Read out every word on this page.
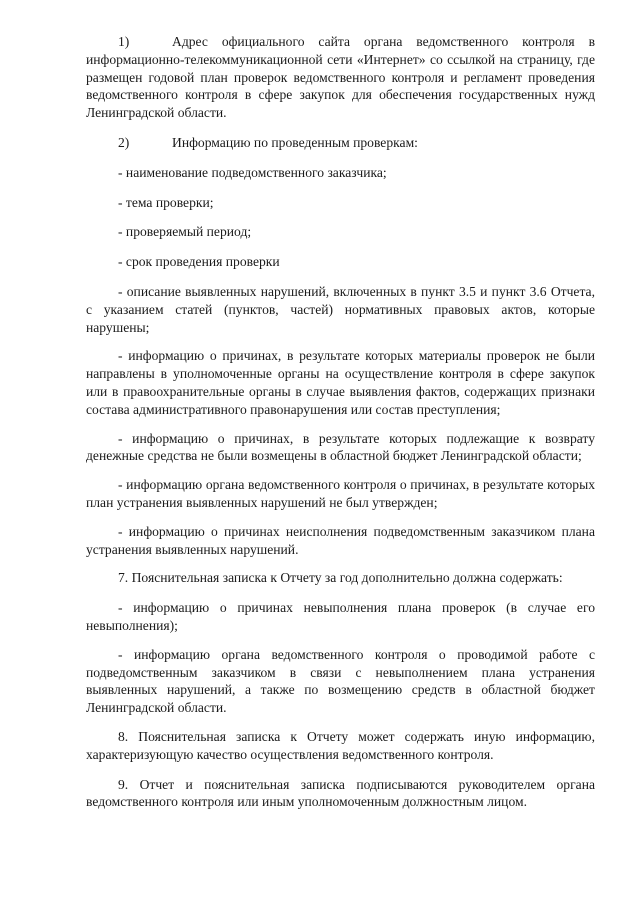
1)	Адрес официального сайта органа ведомственного контроля в информационно-телекоммуникационной сети «Интернет» со ссылкой на страницу, где размещен годовой план проверок ведомственного контроля и регламент проведения ведомственного контроля в сфере закупок для обеспечения государственных нужд Ленинградской области.

2)	Информацию по проведенным проверкам:

- наименование подведомственного заказчика;

- тема проверки;

- проверяемый период;

- срок проведения проверки

- описание выявленных нарушений, включенных в пункт 3.5 и пункт 3.6 Отчета, с указанием статей (пунктов, частей) нормативных правовых актов, которые нарушены;

- информацию о причинах, в результате которых материалы проверок не были направлены в уполномоченные органы на осуществление контроля в сфере закупок или в правоохранительные органы в случае выявления фактов, содержащих признаки состава административного правонарушения или состав преступления;

- информацию о причинах, в результате которых подлежащие к возврату денежные средства не были возмещены в областной бюджет Ленинградской области;

- информацию органа ведомственного контроля о причинах, в результате которых план устранения выявленных нарушений не был утвержден;

- информацию о причинах неисполнения подведомственным заказчиком плана устранения выявленных нарушений.

7. Пояснительная записка к Отчету за год дополнительно должна содержать:

- информацию о причинах невыполнения плана проверок (в случае его невыполнения);

- информацию органа ведомственного контроля о проводимой работе с подведомственным заказчиком в связи с невыполнением плана устранения выявленных нарушений, а также по возмещению средств в областной бюджет Ленинградской области.

8. Пояснительная записка к Отчету может содержать иную информацию, характеризующую качество осуществления ведомственного контроля.

9. Отчет и пояснительная записка подписываются руководителем органа ведомственного контроля или иным уполномоченным должностным лицом.
